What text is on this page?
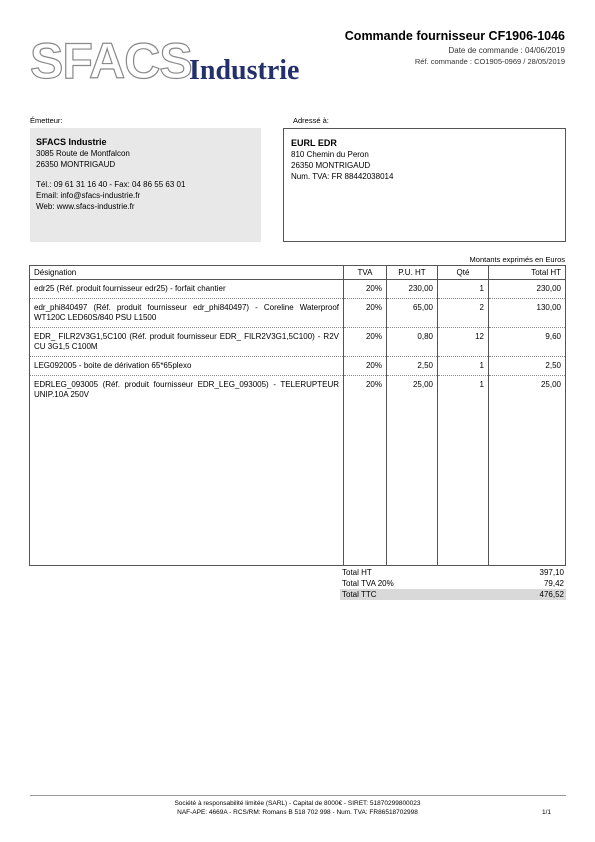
SFACS
Industrie
Commande fournisseur CF1906-1046
Date de commande : 04/06/2019
Réf. commande : CO1905-0969 / 28/05/2019
Émetteur:	Adressé à:
SFACS Industrie
3085 Route de Montfalcon
26350 MONTRIGAUD
Tél.: 09 61 31 16 40 - Fax: 04 86 55 63 01
Email: info@sfacs-industrie.fr
Web: www.sfacs-industrie.fr
EURL EDR
810 Chemin du Peron
26350 MONTRIGAUD
Num. TVA: FR 88442038014
Montants exprimés en Euros
Désignation	TVA	P.U. HT	Qté	Total HT
edr25 (Réf. produit fournisseur edr25) - forfait chantier	20%	230,00	1	230,00
edr_phi840497 (Réf. produit fournisseur edr_phi840497) - Coreline Waterproof WT120C LED60S/840 PSU L1500	20%	65,00	2	130,00
EDR_ FILR2V3G1,5C100 (Réf. produit fournisseur EDR_ FILR2V3G1,5C100) - R2V CU 3G1,5 C100M	20%	0,80	12	9,60
LEG092005 - boite de dérivation 65*65plexo	20%	2,50	1	2,50
EDRLEG_093005 (Réf. produit fournisseur EDR_LEG_093005) - TELERUPTEUR UNIP.10A 250V	20%	25,00	1	25,00

Total HT	397,10
Total TVA 20%	79,42
Total TTC	476,52
Société à responsabilité limitée (SARL) - Capital de 8000€ - SIRET: 51870299800023
NAF-APE: 4669A - RCS/RM: Romans B 518 702 998 - Num. TVA: FR86518702998	1/1
